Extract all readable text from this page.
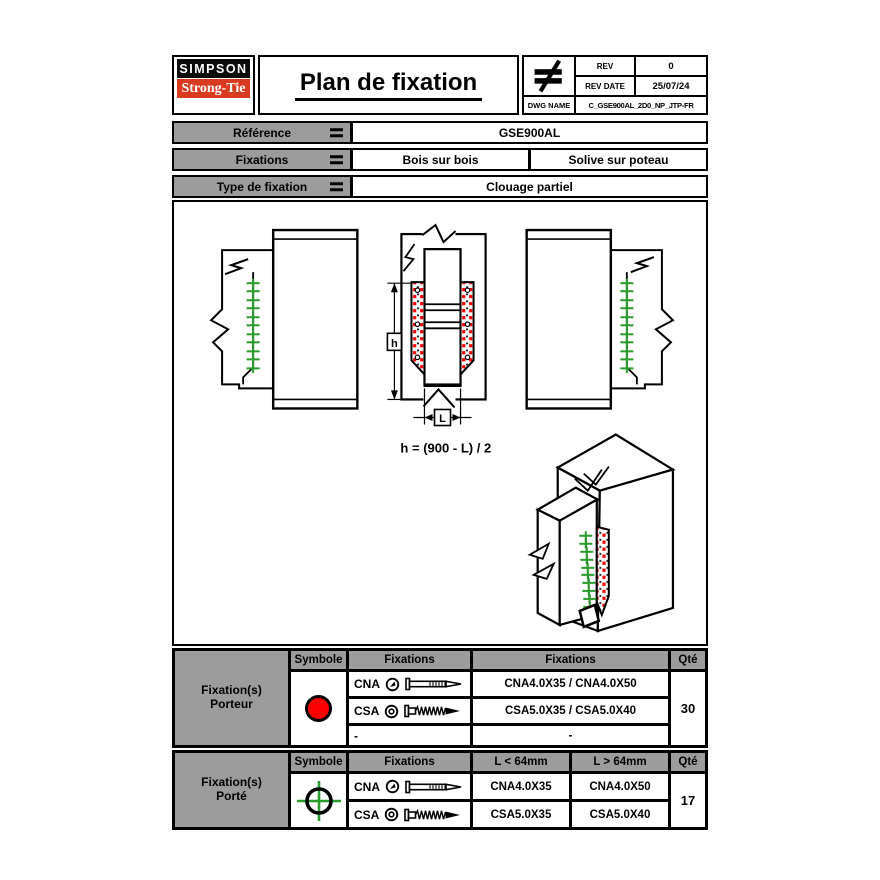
SIMPSON
Strong-Tie Plan de fixation
REV	0
REV DATE	25/07/24
DWG NAME	C_GSE900AL_2D0_NP_JTP-FR
Référence	GSE900AL
Fixations	Bois sur bois	Solive sur poteau
Type de fixation	Clouage partiel
h
L
h = (900 - L) / 2
Fixation(s)
Porteur
Symbole	Fixations	Fixations	Qté
CNA	CNA4.0X35 / CNA4.0X50
CSA	CSA5.0X35 / CSA5.0X40
-	-
30
Fixation(s)
Porté
Symbole	Fixations	L < 64mm	L > 64mm	Qté
CNA	CNA4.0X35	CNA4.0X50
CSA	CSA5.0X35	CSA5.0X40
17
